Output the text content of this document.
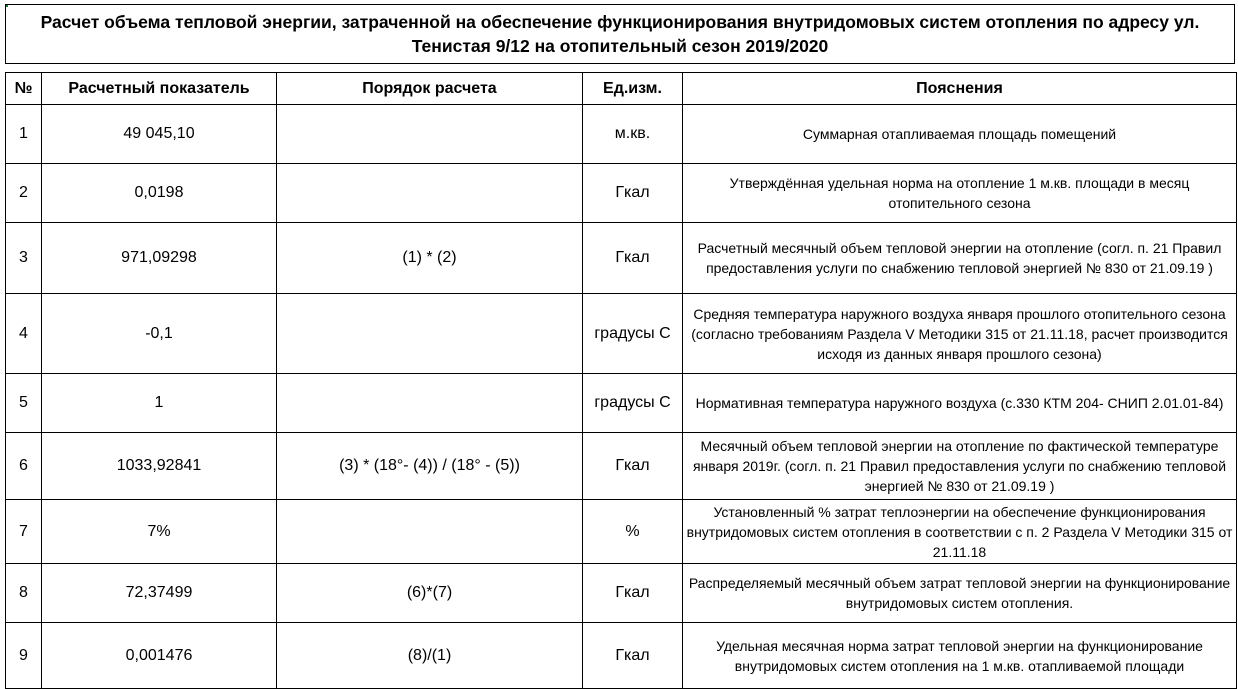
Расчет объема тепловой энергии, затраченной на обеспечение функционирования внутридомовых систем отопления по адресу ул. Тенистая 9/12 на отопительный сезон 2019/2020
№	Расчетный показатель	Порядок расчета	Ед.изм.	Пояснения
1	49 045,10		м.кв.	Суммарная отапливаемая площадь помещений
2	0,0198		Гкал	Утверждённая удельная норма на отопление 1 м.кв. площади в месяц отопительного сезона
3	971,09298	(1) * (2)	Гкал	Расчетный месячный объем тепловой энергии на отопление (согл. п. 21 Правил предоставления услуги по снабжению тепловой энергией № 830 от 21.09.19 )
4	-0,1		градусы С	Средняя температура наружного воздуха января прошлого отопительного сезона (согласно требованиям Раздела V Методики 315 от 21.11.18, расчет производится исходя из данных января прошлого сезона)
5	1		градусы С	Нормативная температура наружного воздуха (с.330 КТМ 204- СНИП 2.01.01-84)
6	1033,92841	(3) * (18°- (4)) / (18° - (5))	Гкал	Месячный объем тепловой энергии на отопление по фактической температуре января 2019г. (согл. п. 21 Правил предоставления услуги по снабжению тепловой энергией № 830 от 21.09.19 )
7	7%		%	Установленный % затрат теплоэнергии на обеспечение функционирования внутридомовых систем отопления в соответствии с п. 2 Раздела V Методики 315 от 21.11.18
8	72,37499	(6)*(7)	Гкал	Распределяемый месячный объем затрат тепловой энергии на функционирование внутридомовых систем отопления.
9	0,001476	(8)/(1)	Гкал	Удельная месячная норма затрат тепловой энергии на функционирование внутридомовых систем отопления на 1 м.кв. отапливаемой площади
